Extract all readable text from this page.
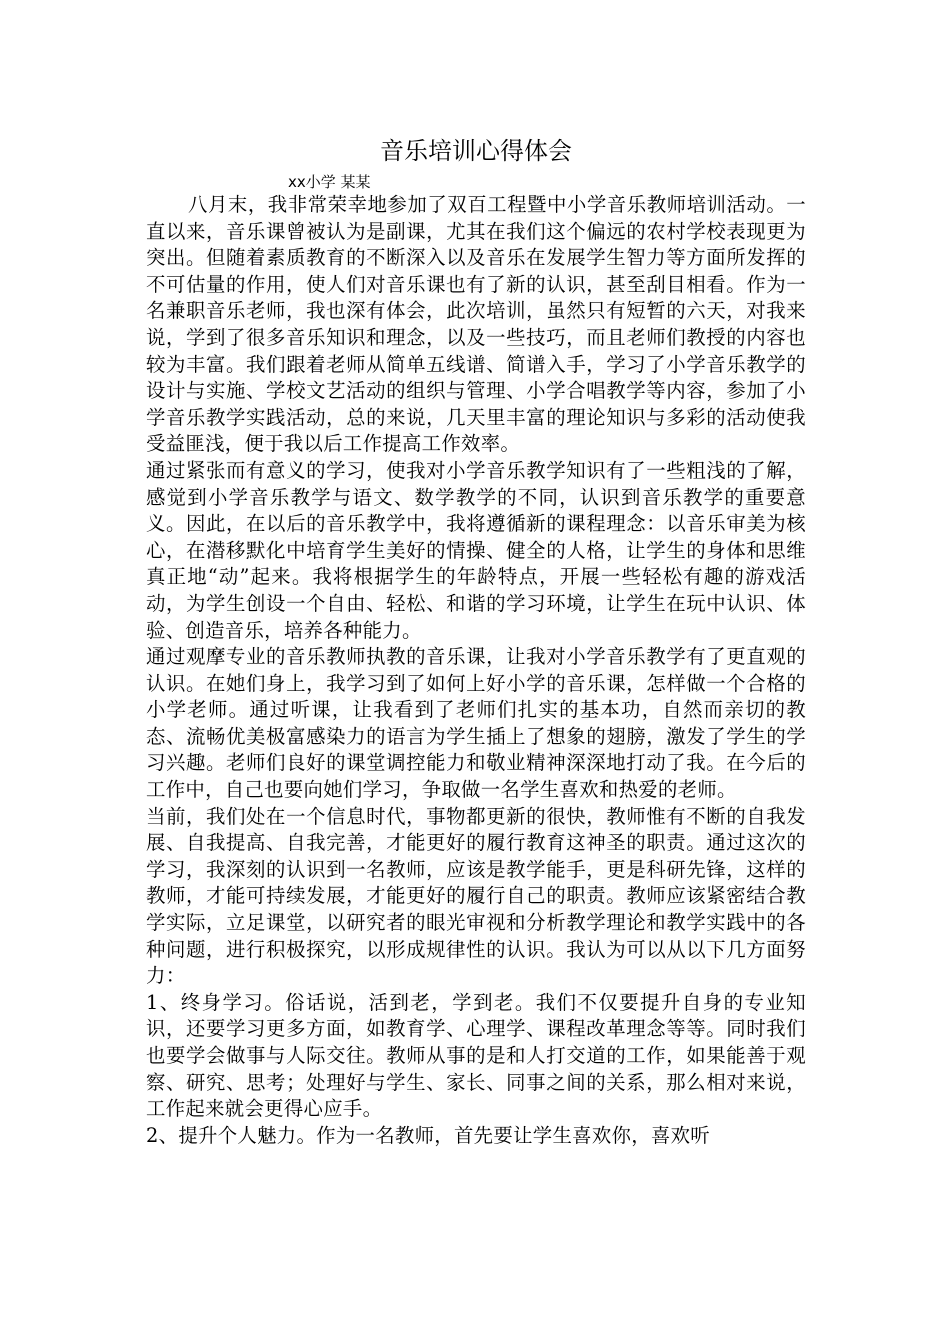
音乐培训心得体会
xx小学 某某

八月末，我非常荣幸地参加了双百工程暨中小学音乐教师培训活动。一直以来，音乐课曾被认为是副课，尤其在我们这个偏远的农村学校表现更为突出。但随着素质教育的不断深入以及音乐在发展学生智力等方面所发挥的不可估量的作用，使人们对音乐课也有了新的认识，甚至刮目相看。作为一名兼职音乐老师，我也深有体会，此次培训，虽然只有短暂的六天，对我来说，学到了很多音乐知识和理念，以及一些技巧，而且老师们教授的内容也较为丰富。我们跟着老师从简单五线谱、简谱入手，学习了小学音乐教学的设计与实施、学校文艺活动的组织与管理、小学合唱教学等内容，参加了小学音乐教学实践活动，总的来说，几天里丰富的理论知识与多彩的活动使我受益匪浅，便于我以后工作提高工作效率。

通过紧张而有意义的学习，使我对小学音乐教学知识有了一些粗浅的了解，感觉到小学音乐教学与语文、数学教学的不同，认识到音乐教学的重要意义。因此，在以后的音乐教学中，我将遵循新的课程理念：以音乐审美为核心，在潜移默化中培育学生美好的情操、健全的人格，让学生的身体和思维真正地“动”起来。我将根据学生的年龄特点，开展一些轻松有趣的游戏活动，为学生创设一个自由、轻松、和谐的学习环境，让学生在玩中认识、体验、创造音乐，培养各种能力。

通过观摩专业的音乐教师执教的音乐课，让我对小学音乐教学有了更直观的认识。在她们身上，我学习到了如何上好小学的音乐课，怎样做一个合格的小学老师。通过听课，让我看到了老师们扎实的基本功，自然而亲切的教态、流畅优美极富感染力的语言为学生插上了想象的翅膀，激发了学生的学习兴趣。老师们良好的课堂调控能力和敬业精神深深地打动了我。在今后的工作中，自己也要向她们学习，争取做一名学生喜欢和热爱的老师。

当前，我们处在一个信息时代，事物都更新的很快，教师惟有不断的自我发展、自我提高、自我完善，才能更好的履行教育这神圣的职责。通过这次的学习，我深刻的认识到一名教师，应该是教学能手，更是科研先锋，这样的教师，才能可持续发展，才能更好的履行自己的职责。教师应该紧密结合教学实际，立足课堂，以研究者的眼光审视和分析教学理论和教学实践中的各种问题，进行积极探究，以形成规律性的认识。我认为可以从以下几方面努力：

1、终身学习。俗话说，活到老，学到老。我们不仅要提升自身的专业知识，还要学习更多方面，如教育学、心理学、课程改革理念等等。同时我们也要学会做事与人际交往。教师从事的是和人打交道的工作，如果能善于观察、研究、思考；处理好与学生、家长、同事之间的关系，那么相对来说，工作起来就会更得心应手。

2、提升个人魅力。作为一名教师，首先要让学生喜欢你，喜欢听
